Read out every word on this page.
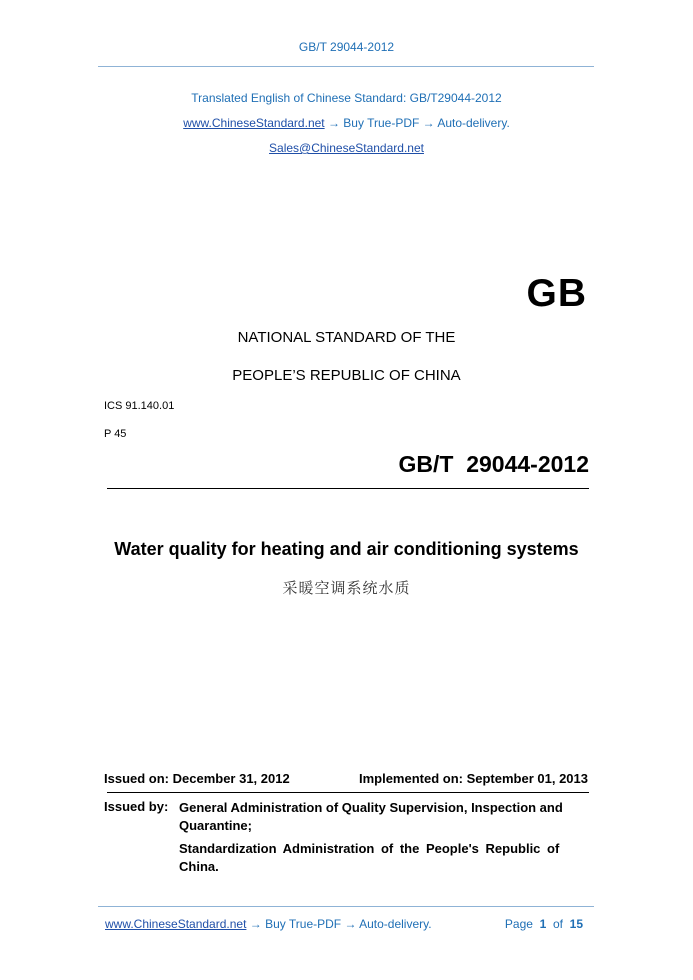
GB/T 29044-2012
Translated English of Chinese Standard: GB/T29044-2012
www.ChineseStandard.net → Buy True-PDF → Auto-delivery.
Sales@ChineseStandard.net
GB
NATIONAL STANDARD OF THE
PEOPLE’S REPUBLIC OF CHINA
ICS 91.140.01
P 45
GB/T  29044-2012
Water quality for heating and air conditioning systems
采暖空调系统水质
Issued on: December 31, 2012	Implemented on: September 01, 2013
Issued by: General Administration of Quality Supervision, Inspection and
Quarantine;
Standardization Administration of the People's Republic of
China.
www.ChineseStandard.net → Buy True-PDF → Auto-delivery.	Page 1 of 15
